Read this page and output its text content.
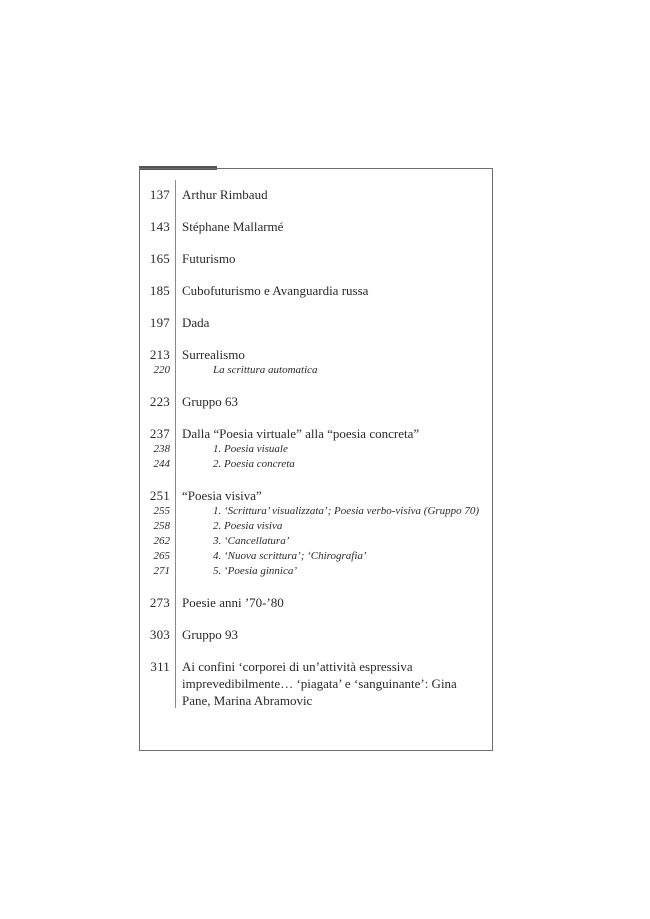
137 Arthur Rimbaud
143 Stéphane Mallarmé
165 Futurismo
185 Cubofuturismo e Avanguardia russa
197 Dada
213 Surrealismo
220	La scrittura automatica
223 Gruppo 63
237 Dalla “Poesia virtuale” alla “poesia concreta”
238	1. Poesia visuale
244	2. Poesia concreta
251 “Poesia visiva”
255	1. ‘Scrittura’ visualizzata’; Poesia verbo-visiva (Gruppo 70)
258	2. Poesia visiva
262	3. ‘Cancellatura’
265	4. ‘Nuova scrittura’; ‘Chirografia’
271	5. ‘Poesia ginnica’
273 Poesie anni ’70-’80
303 Gruppo 93
311 Ai confini ‘corporei di un’attività espressiva imprevedibilmente… ‘piagata’ e ‘sanguinante’: Gina Pane, Marina Abramovic
